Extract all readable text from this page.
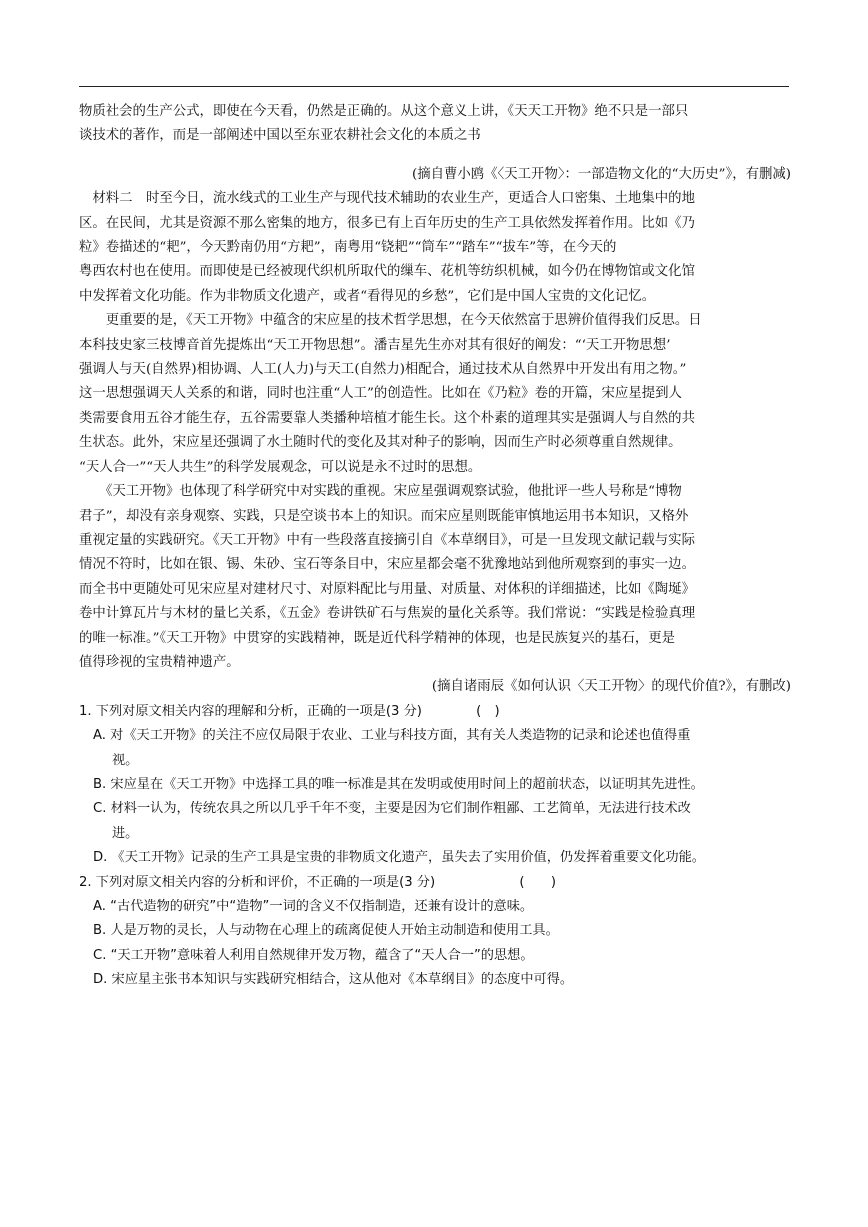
物质社会的生产公式，即使在今天看，仍然是正确的。从这个意义上讲，《天天工开物》绝不只是一部只
谈技术的著作，而是一部阐述中国以至东亚农耕社会文化的本质之书
(摘自曹小鸥《〈天工开物〉：一部造物文化的“大历史”》，有删减)
　材料二　时至今日，流水线式的工业生产与现代技术辅助的农业生产，更适合人口密集、土地集中的地
区。在民间，尤其是资源不那么密集的地方，很多已有上百年历史的生产工具依然发挥着作用。比如《乃
粒》卷描述的“耙”，今天黔南仍用“方耙”，南粤用“铙耙”“筒车”“踏车”“拔车”等，在今天的
粤西农村也在使用。而即使是已经被现代织机所取代的缫车、花机等纺织机械，如今仍在博物馆或文化馆
中发挥着文化功能。作为非物质文化遗产，或者“看得见的乡愁”，它们是中国人宝贵的文化记忆。
　　更重要的是，《天工开物》中蕴含的宋应星的技术哲学思想，在今天依然富于思辨价值得我们反思。日
本科技史家三枝博音首先提炼出“天工开物思想”。潘吉星先生亦对其有很好的阐发：“‘天工开物思想’
强调人与天(自然界)相协调、人工(人力)与天工(自然力)相配合，通过技术从自然界中开发出有用之物。”
这一思想强调天人关系的和谐，同时也注重“人工”的创造性。比如在《乃粒》卷的开篇，宋应星提到人
类需要食用五谷才能生存，五谷需要靠人类播种培植才能生长。这个朴素的道理其实是强调人与自然的共
生状态。此外，宋应星还强调了水土随时代的变化及其对种子的影响，因而生产时必须尊重自然规律。
“天人合一”“天人共生”的科学发展观念，可以说是永不过时的思想。
　　《天工开物》也体现了科学研究中对实践的重视。宋应星强调观察试验，他批评一些人号称是“博物
君子”，却没有亲身观察、实践，只是空谈书本上的知识。而宋应星则既能审慎地运用书本知识，又格外
重视定量的实践研究。《天工开物》中有一些段落直接摘引自《本草纲目》，可是一旦发现文献记载与实际
情况不符时，比如在银、锡、朱砂、宝石等条目中，宋应星都会毫不犹豫地站到他所观察到的事实一边。
而全书中更随处可见宋应星对建材尺寸、对原料配比与用量、对质量、对体积的详细描述，比如《陶埏》
卷中计算瓦片与木材的量匕关系，《五金》卷讲铁矿石与焦炭的量化关系等。我们常说：“实践是检验真理
的唯一标准。”《天工开物》中贯穿的实践精神，既是近代科学精神的体现，也是民族复兴的基石，更是
值得珍视的宝贵精神遗产。
(摘自诸雨辰《如何认识〈天工开物〉的现代价值?》，有删改)
1. 下列对原文相关内容的理解和分析，正确的一项是(3 分)	(　)
A. 对《天工开物》的关注不应仅局限于农业、工业与科技方面，其有关人类造物的记录和论述也值得重
视。
B. 宋应星在《天工开物》中选择工具的唯一标准是其在发明或使用时间上的超前状态，以证明其先进性。
C. 材料一认为，传统农具之所以几乎千年不变，主要是因为它们制作粗鄙、工艺简单，无法进行技术改
进。
D. 《天工开物》记录的生产工具是宝贵的非物质文化遗产，虽失去了实用价值，仍发挥着重要文化功能。
2. 下列对原文相关内容的分析和评价，不正确的一项是(3 分)	(　　)
A. “古代造物的研究”中“造物”一词的含义不仅指制造，还兼有设计的意味。
B. 人是万物的灵长，人与动物在心理上的疏离促使人开始主动制造和使用工具。
C. “天工开物”意味着人利用自然规律开发万物，蕴含了“天人合一”的思想。
D. 宋应星主张书本知识与实践研究相结合，这从他对《本草纲目》的态度中可得。
